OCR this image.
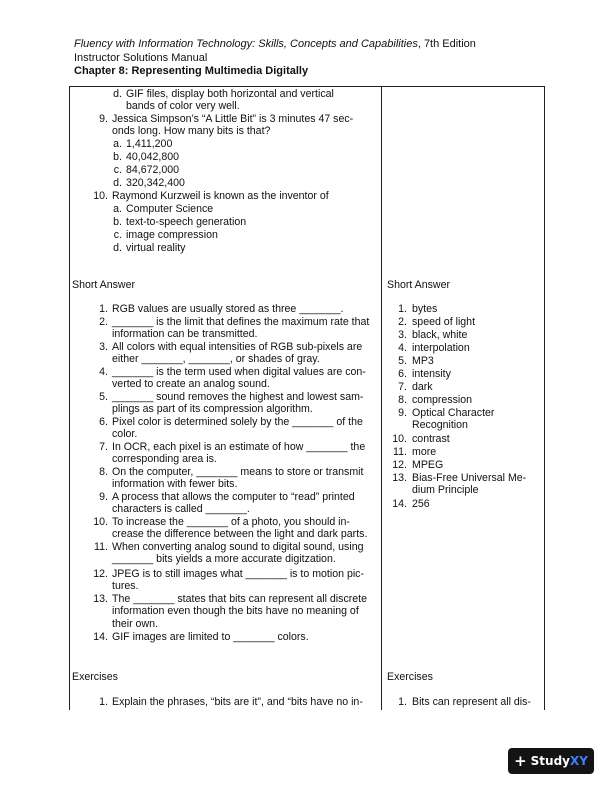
Fluency with Information Technology: Skills, Concepts and Capabilities, 7th Edition
Instructor Solutions Manual
Chapter 8: Representing Multimedia Digitally
d. GIF files, display both horizontal and vertical bands of color very well.
9. Jessica Simpson’s “A Little Bit” is 3 minutes 47 sec-onds long. How many bits is that?
a. 1,411,200
b. 40,042,800
c. 84,672,000
d. 320,342,400
10. Raymond Kurzweil is known as the inventor of
a. Computer Science
b. text-to-speech generation
c. image compression
d. virtual reality
Short Answer
1. RGB values are usually stored as three _______.
2. _______ is the limit that defines the maximum rate that information can be transmitted.
3. All colors with equal intensities of RGB sub-pixels are either _______, _______, or shades of gray.
4. _______ is the term used when digital values are con-verted to create an analog sound.
5. _______ sound removes the highest and lowest sam-plings as part of its compression algorithm.
6. Pixel color is determined solely by the _______ of the color.
7. In OCR, each pixel is an estimate of how _______ the corresponding area is.
8. On the computer, _______ means to store or transmit information with fewer bits.
9. A process that allows the computer to “read” printed characters is called _______.
10. To increase the _______ of a photo, you should in-crease the difference between the light and dark parts.
11. When converting analog sound to digital sound, using _______ bits yields a more accurate digitzation.
12. JPEG is to still images what _______ is to motion pic-tures.
13. The _______ states that bits can represent all discrete information even though the bits have no meaning of their own.
14. GIF images are limited to _______ colors.
Exercises
1. Explain the phrases, “bits are it”, and “bits have no in-
Short Answer
1. bytes
2. speed of light
3. black, white
4. interpolation
5. MP3
6. intensity
7. dark
8. compression
9. Optical Character Recognition
10. contrast
11. more
12. MPEG
13. Bias-Free Universal Me-dium Principle
14. 256
Exercises
1. Bits can represent all dis-
+ StudyXY
